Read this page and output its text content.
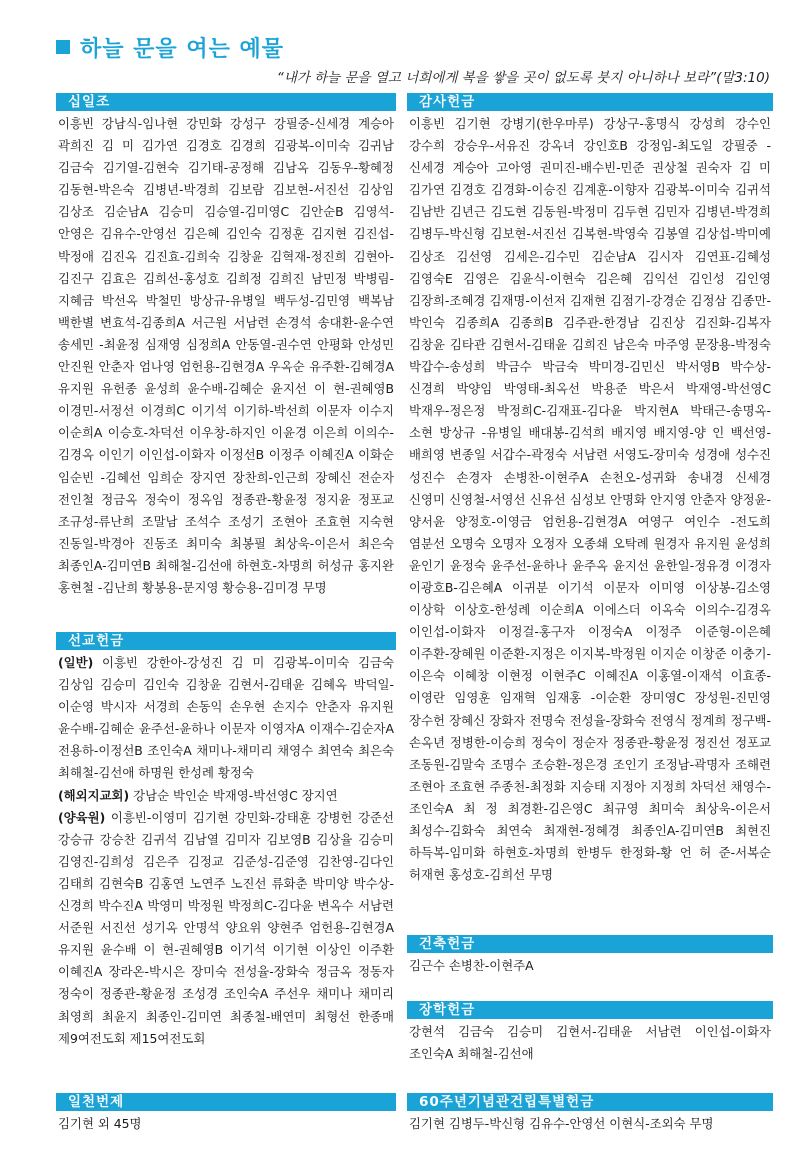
하늘 문을 여는 예물
“내가 하늘 문을 열고 너희에게 복을 쌓을 곳이 없도록 붓지 아니하나 보라”(말3:10)
십일조
이흥빈 강남식-임나현 강민화 강성구 강필중-신세경 계승아 곽희진 김 미 김가연 김경호 김경희 김광복-이미숙 김귀남 김금숙 김기열-김현숙 김기태-공정해 김남옥 김동우-황혜정 김동현-박은숙 김병년-박경희 김보람 김보현-서진선 김상임 김상조 김순남A 김승미 김승열-김미영C 김안순B 김영석-안영은 김유수-안영선 김은혜 김인숙 김정훈 김지현 김진섭-박정애 김진옥 김진효-김희숙 김창윤 김혁재-정진희 김현아-김진구 김효은 김희선-홍성호 김희정 김희진 남민정 박병림-지혜금 박선옥 박철민 방상규-유병일 백두성-김민영 백복남 백한별 변효석-김종희A 서근원 서남련 손경석 송대환-윤수연 송세민 -최윤정 심재영 심정희A 안동열-권수연 안평화 안성민 안진원 안춘자 엄나영 엄헌용-김현경A 우옥순 유주환-김혜경A 유지원 유헌종 윤성희 윤수배-김혜순 윤지선 이 현-권혜영B 이경민-서정선 이경희C 이기석 이기하-박선희 이문자 이수지 이순희A 이승호-차덕선 이우창-하지인 이윤경 이은희 이의수-김경옥 이인기 이인섭-이화자 이정선B 이정주 이혜진A 이화순 임순빈 -김혜선 임희순 장지연 장찬희-인근희 장혜신 전순자 전인철 정금옥 정숙이 정옥임 정종관-황윤정 정지윤 정포교 조규성-류난희 조말남 조석수 조성기 조현아 조효현 지숙현 진동일-박경아 진동조 최미숙 최봉필 최상욱-이은서 최은숙 최종인A-김미연B 최해철-김선애 하현호-차명희 허성규 홍지완 홍현철 -김난희 황봉용-문지영 황승용-김미경 무명
선교헌금

(일반) 이흥빈 강한아-강성진 김 미 김광복-이미숙 김금숙 김상임 김승미 김인숙 김창윤 김현서-김태윤 김혜옥 박덕일-이순영 박시자 서경희 손동익 손우현 손지수 안춘자 유지원 윤수배-김혜순 윤주선-윤하나 이문자 이영자A 이재수-김순자A 전용하-이정선B 조인숙A 채미나-채미리 채영수 최연숙 최은숙 최해철-김선애 하명원 한성례 황정숙

(해외지교회) 강남순 박인순 박재영-박선영C 장지연

(양육원) 이흥빈-이영미 김기현 강민화-강태훈 강병헌 강준선 강승규 강승찬 김귀석 김남열 김미자 김보영B 김상율 김승미 김영진-김희성 김은주 김정교 김준성-김준영 김찬영-김다인 김태희 김현숙B 김홍연 노연주 노진선 류화춘 박미양 박수상-신경희 박수진A 박영미 박정원 박정희C-김다윤 변옥수 서남련 서준원 서진선 성기옥 안명석 양요위 양현주 엄헌용-김현경A 유지원 윤수배 이 현-권혜영B 이기석 이기현 이상인 이주환 이혜진A 장라온-박시은 장미숙 전성율-장화숙 정금옥 정동자 정숙이 정종관-황윤정 조성경 조인숙A 주선우 채미나 채미리 최영희 최윤지 최종인-김미연 최종철-배연미 최형선 한종매 제9여전도회 제15여전도회

일천번제
김기현 외 45명
감사헌금
이흥빈 김기현 강병기(한우마루) 강상구-홍명식 강성희 강수인 강수희 강승우-서유진 강옥녀 강인호B 강정임-최도일 강필중 -신세경 계승아 고아영 권미진-배수빈-민준 권상철 권숙자 김 미 김가연 김경호 김경화-이승진 김계훈-이향자 김광복-이미숙 김귀석 김남반 김년근 김도현 김동원-박정미 김두현 김민자 김병년-박경희 김병두-박신형 김보현-서진선 김복현-박영숙 김봉열 김상섭-박미예 김상조 김선영 김세은-김수민 김순남A 김시자 김연표-김혜성 김영숙E 김영은 김윤식-이현숙 김은혜 김익선 김인성 김인영 김장희-조혜경 김재명-이선저 김재현 김점기-강경순 김정삼 김종만-박인숙 김종희A 김종희B 김주관-한경남 김진상 김진화-김복자 김창윤 김타관 김현서-김태윤 김희진 남은숙 마주영 문장용-박정숙 박갑수-송성희 박금수 박금숙 박미경-김민신 박서영B 박수상-신경희 박양임 박영태-최옥선 박용준 박은서 박재영-박선영C 박재우-정은정 박정희C-김재표-김다윤 박지현A 박태근-송명옥-소현 방상규 -유병일 배대봉-김석희 배지영 배지영-양 인 백선영-배희영 변종일 서갑수-곽정숙 서남련 서영도-장미숙 성경애 성수진 성진수 손경자 손병찬-이현주A 손천오-성귀화 송내경 신세경 신영미 신영철-서영선 신유선 심성보 안명화 안지영 안춘자 양정윤-양서윤 양정호-이영금 엄헌용-김현경A 여영구 여인수 -전도희 염분선 오명숙 오명자 오정자 오종쇄 오탁례 원경자 유지원 윤성희 윤인기 윤정숙 윤주선-윤하나 윤주옥 윤지선 윤한일-정유경 이경자 이광호B-김은혜A 이귀분 이기석 이문자 이미영 이상봉-김소영 이상학 이상호-한성례 이순희A 이에스더 이옥숙 이의수-김경옥 이인섭-이화자 이정걸-홍구자 이정숙A 이정주 이준형-이은혜 이주환-장혜원 이준환-지정은 이지복-박정원 이지순 이창준 이충기-이은숙 이혜창 이현정 이현주C 이혜진A 이홍열-이재석 이효종-이영란 임영훈 임재혁 임재홍 -이순환 장미영C 장성원-진민영 장수헌 장혜신 장화자 전명숙 전성율-장화숙 전영식 정계희 정구백-손옥년 정병한-이승희 정숙이 정순자 정종관-황윤정 정진선 정포교 조동원-김말숙 조명수 조승환-정은경 조인기 조정남-곽명자 조해련 조현아 조효현 주종천-최정화 지승태 지정아 지정희 차덕선 채영수-조인숙A 최 정 최경환-김은영C 최규영 최미숙 최상욱-이은서 최성수-김화숙 최연숙 최재현-정혜경 최종인A-김미연B 최현진 하득복-임미화 하현호-차명희 한병두 한정화-황 언 허 준-서복순 허재현 홍성호-김희선 무명
건축헌금
김근수 손병찬-이현주A
장학헌금
강현석 김금숙 김승미 김현서-김태윤 서남련 이인섭-이화자 조인숙A 최해철-김선애
60주년기념관건립특별헌금
김기현 김병두-박신형 김유수-안영선 이현식-조외숙 무명
